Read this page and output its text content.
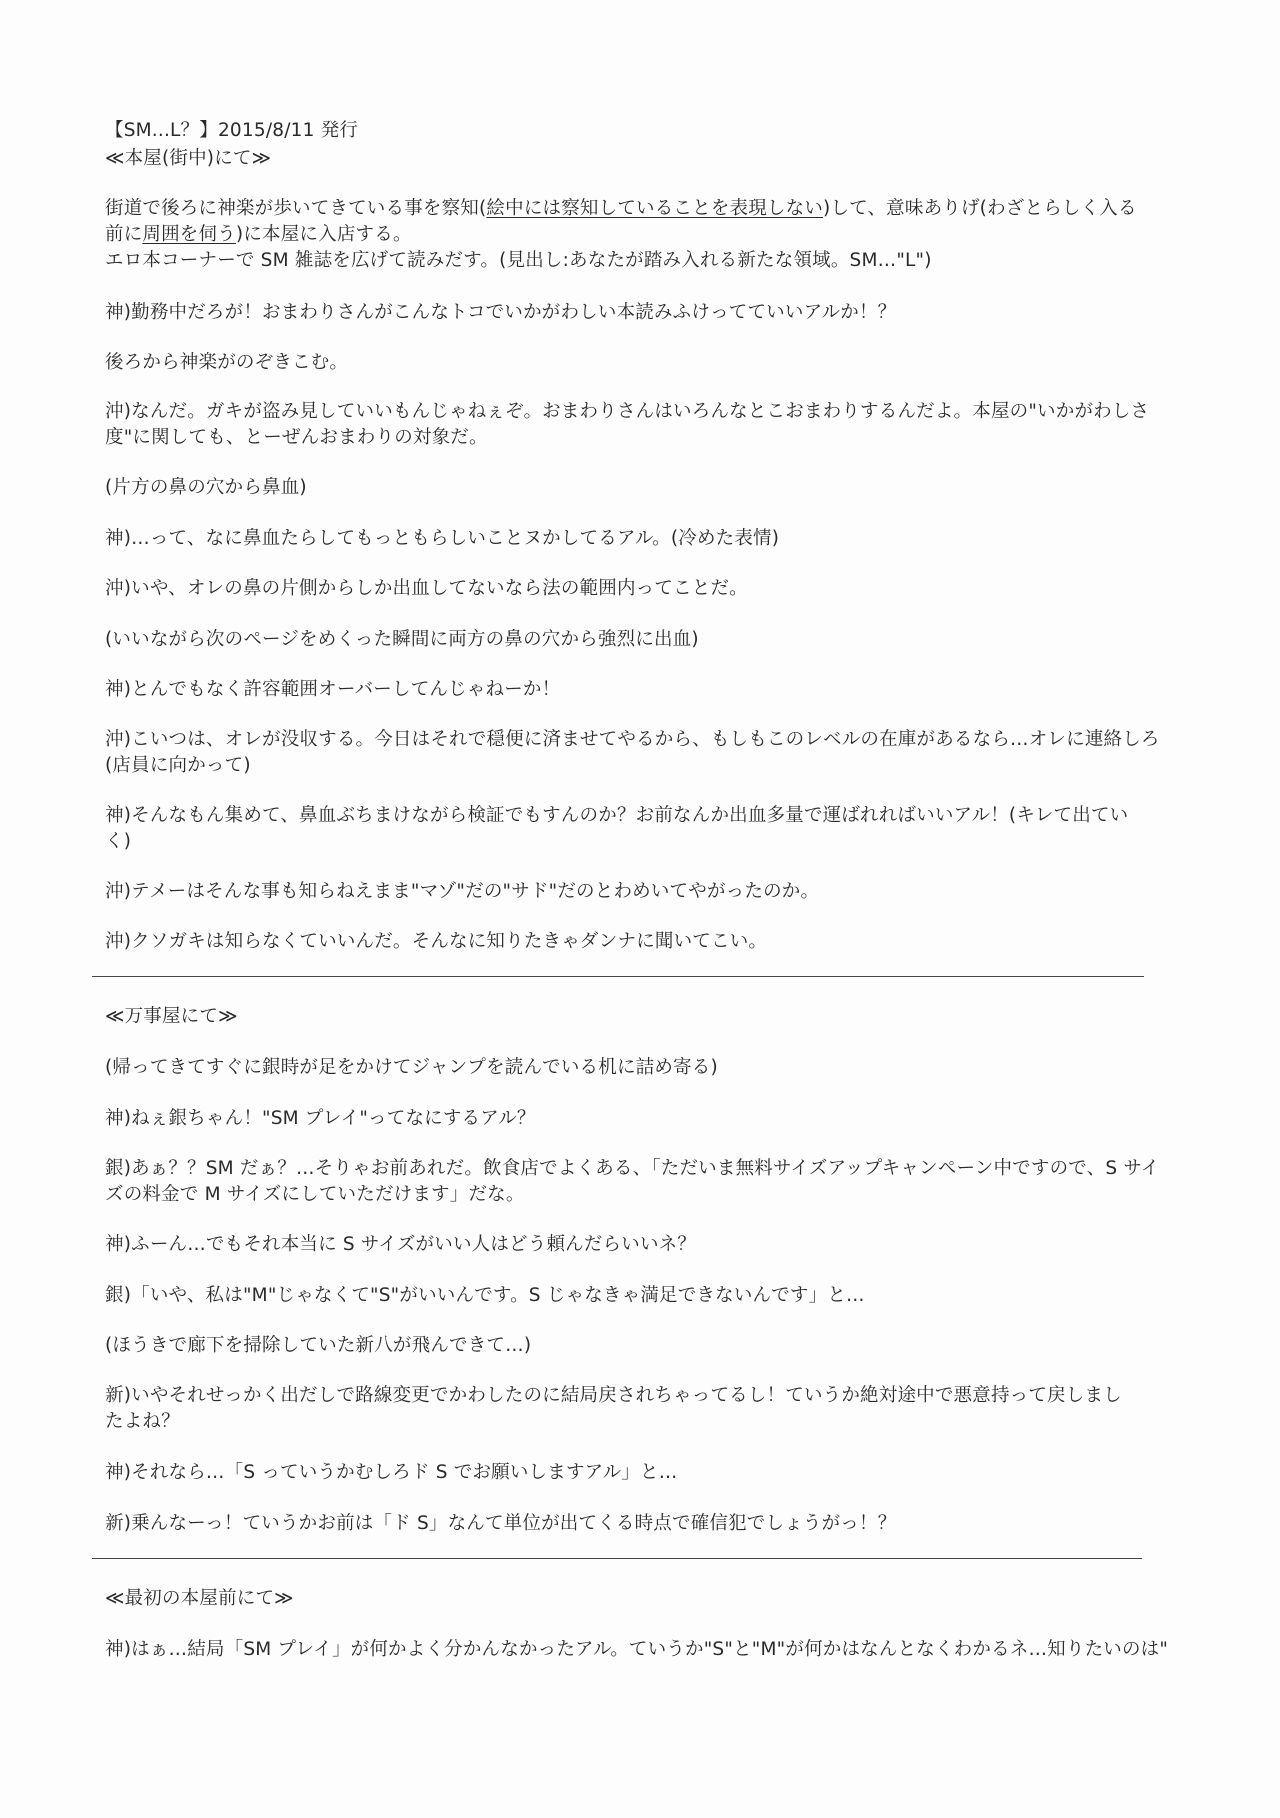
【SM...L？】2015/8/11 発行
≪本屋(街中)にて≫
街道で後ろに神楽が歩いてきている事を察知(絵中には察知していることを表現しない)して、意味ありげ(わざとらしく入る
前に周囲を伺う)に本屋に入店する。
エロ本コーナーで SM 雑誌を広げて読みだす。(見出し:あなたが踏み入れる新たな領域。SM…"L")
神)勤務中だろが！おまわりさんがこんなトコでいかがわしい本読みふけってていいアルか！？
後ろから神楽がのぞきこむ。
沖)なんだ。ガキが盗み見していいもんじゃねぇぞ。おまわりさんはいろんなとこおまわりするんだよ。本屋の"いかがわしさ
度"に関しても、とーぜんおまわりの対象だ。
(片方の鼻の穴から鼻血)
神)…って、なに鼻血たらしてもっともらしいことヌかしてるアル。(冷めた表情)
沖)いや、オレの鼻の片側からしか出血してないなら法の範囲内ってことだ。
(いいながら次のページをめくった瞬間に両方の鼻の穴から強烈に出血)
神)とんでもなく許容範囲オーバーしてんじゃねーか！
沖)こいつは、オレが没収する。今日はそれで穏便に済ませてやるから、もしもこのレベルの在庫があるなら…オレに連絡しろ
(店員に向かって)
神)そんなもん集めて、鼻血ぶちまけながら検証でもすんのか？お前なんか出血多量で運ばれればいいアル！(キレて出てい
く)
沖)テメーはそんな事も知らねえまま"マゾ"だの"サド"だのとわめいてやがったのか。
沖)クソガキは知らなくていいんだ。そんなに知りたきゃダンナに聞いてこい。
≪万事屋にて≫
(帰ってきてすぐに銀時が足をかけてジャンプを読んでいる机に詰め寄る)
神)ねぇ銀ちゃん！"SM プレイ"ってなにするアル？
銀)あぁ？？SM だぁ？…そりゃお前あれだ。飲食店でよくある、「ただいま無料サイズアップキャンペーン中ですので、S サイ
ズの料金で M サイズにしていただけます」だな。
神)ふーん…でもそれ本当に S サイズがいい人はどう頼んだらいいネ？
銀)「いや、私は"M"じゃなくて"S"がいいんです。S じゃなきゃ満足できないんです」と…
(ほうきで廊下を掃除していた新八が飛んできて…)
新)いやそれせっかく出だしで路線変更でかわしたのに結局戻されちゃってるし！ていうか絶対途中で悪意持って戻しまし
たよね？
神)それなら…「S っていうかむしろド S でお願いしますアル」と…
新)乗んなーっ！ていうかお前は「ド S」なんて単位が出てくる時点で確信犯でしょうがっ！？
≪最初の本屋前にて≫
神)はぁ…結局「SM プレイ」が何かよく分かんなかったアル。ていうか"S"と"M"が何かはなんとなくわかるネ…知りたいのは"
